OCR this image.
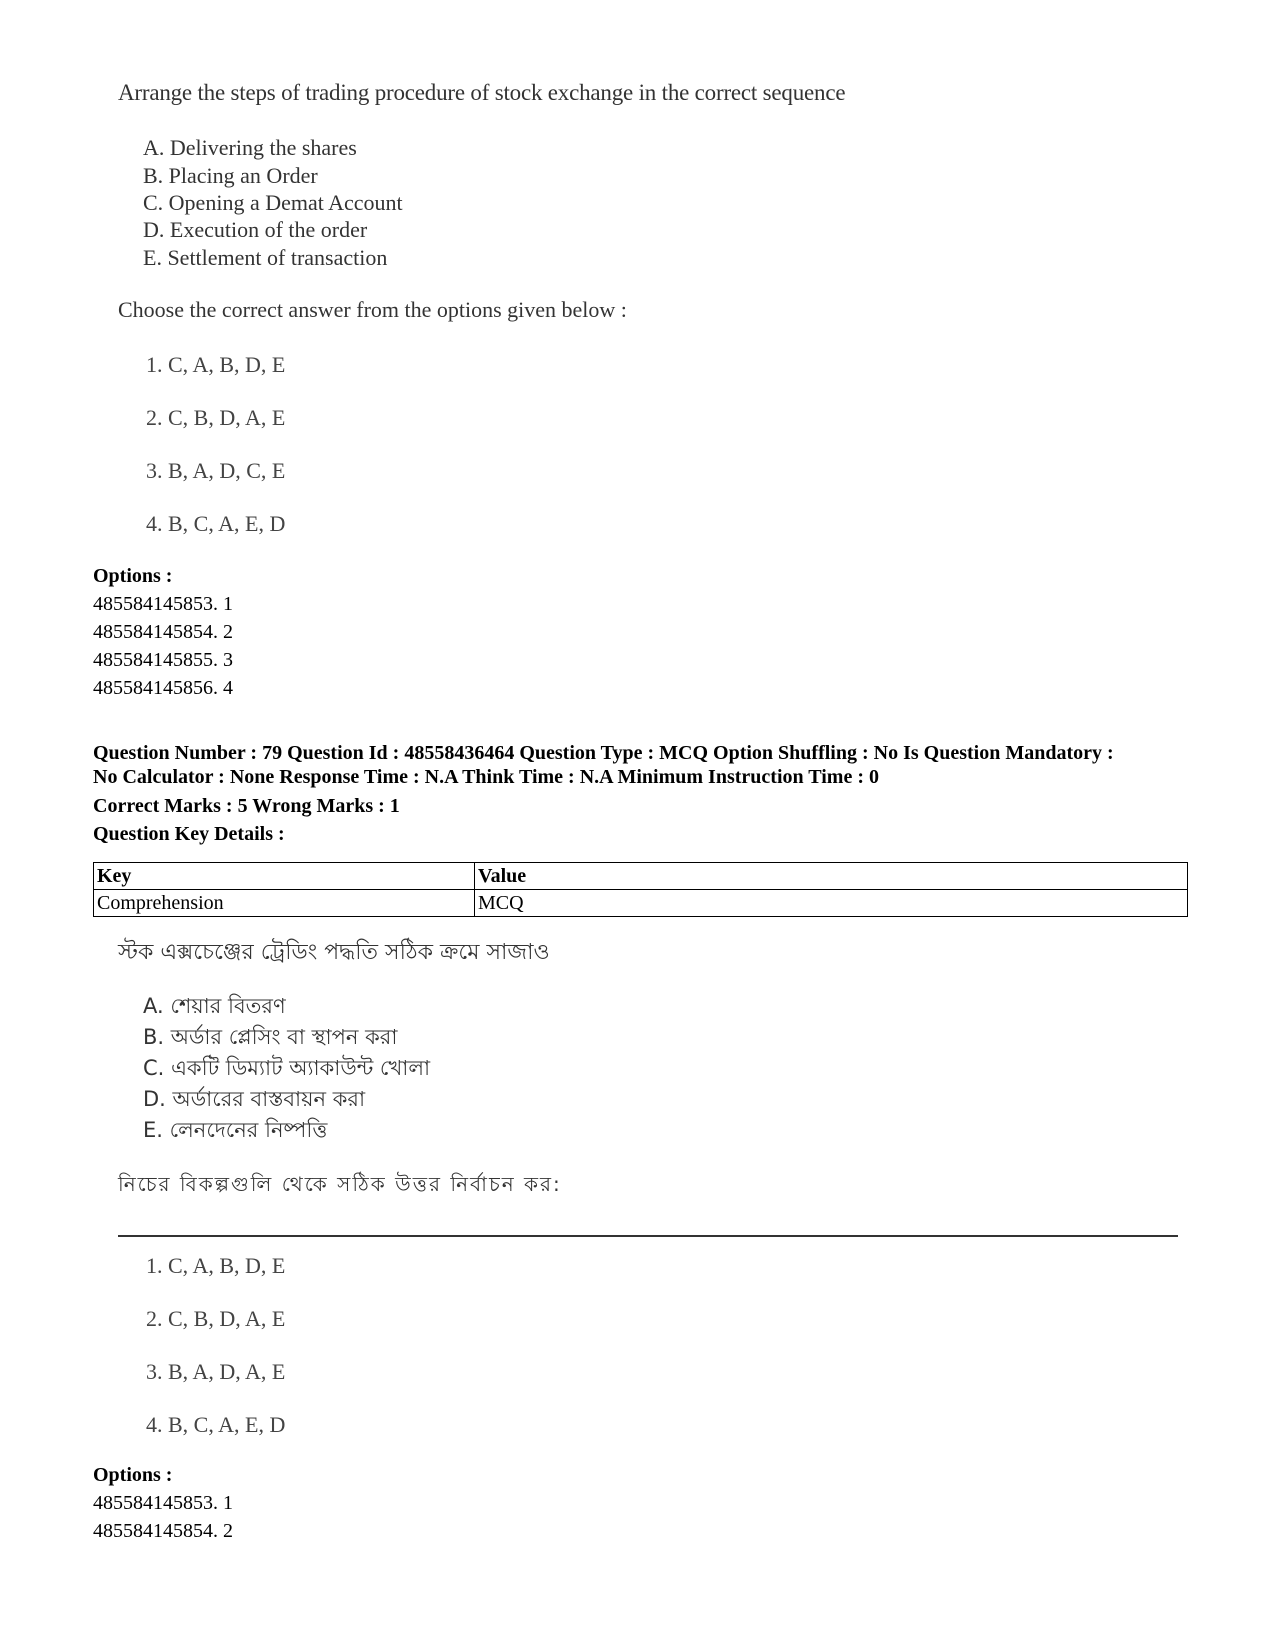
Arrange the steps of trading procedure of stock exchange in the correct sequence
A. Delivering the shares
B. Placing an Order
C. Opening a Demat Account
D. Execution of the order
E. Settlement of transaction
Choose the correct answer from the options given below :
1. C, A, B, D, E
2. C, B, D, A, E
3. B, A, D, C, E
4. B, C, A, E, D
Options :
485584145853. 1
485584145854. 2
485584145855. 3
485584145856. 4
Question Number : 79 Question Id : 48558436464 Question Type : MCQ Option Shuffling : No Is Question Mandatory :
No Calculator : None Response Time : N.A Think Time : N.A Minimum Instruction Time : 0
Correct Marks : 5 Wrong Marks : 1
Question Key Details :
Key	Value
Comprehension	MCQ
স্টক এক্সচেঞ্জের ট্রেডিং পদ্ধতি সঠিক ক্রমে সাজাও
A. শেয়ার বিতরণ
B. অর্ডার প্লেসিং বা স্থাপন করা
C. একটি ডিম্যাট অ্যাকাউন্ট খোলা
D. অর্ডারের বাস্তবায়ন করা
E. লেনদেনের নিষ্পত্তি
নিচের বিকল্পগুলি থেকে সঠিক উত্তর নির্বাচন কর:
1. C, A, B, D, E
2. C, B, D, A, E
3. B, A, D, A, E
4. B, C, A, E, D
Options :
485584145853. 1
485584145854. 2
